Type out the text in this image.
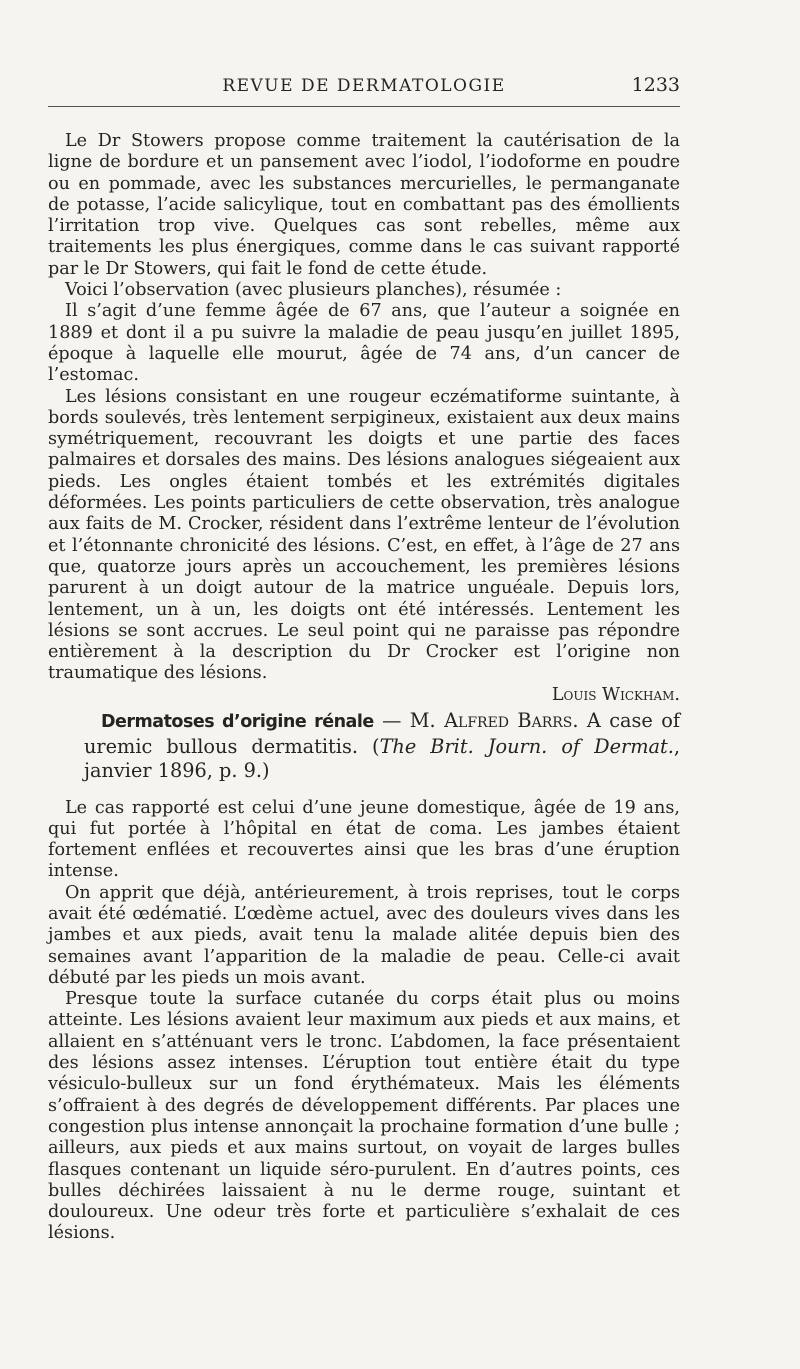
REVUE DE DERMATOLOGIE	1233

Le Dr Stowers propose comme traitement la cautérisation de la ligne de bordure et un pansement avec l’iodol, l’iodoforme en poudre ou en pommade, avec les substances mercurielles, le permanganate de potasse, l’acide salicylique, tout en combattant pas des émollients l’irritation trop vive. Quelques cas sont rebelles, même aux traitements les plus énergiques, comme dans le cas suivant rapporté par le Dr Stowers, qui fait le fond de cette étude.

Voici l’observation (avec plusieurs planches), résumée :

Il s’agit d’une femme âgée de 67 ans, que l’auteur a soignée en 1889 et dont il a pu suivre la maladie de peau jusqu’en juillet 1895, époque à laquelle elle mourut, âgée de 74 ans, d’un cancer de l’estomac.

Les lésions consistant en une rougeur eczématiforme suintante, à bords soulevés, très lentement serpigineux, existaient aux deux mains symétriquement, recouvrant les doigts et une partie des faces palmaires et dorsales des mains. Des lésions analogues siégeaient aux pieds. Les ongles étaient tombés et les extrémités digitales déformées. Les points particuliers de cette observation, très analogue aux faits de M. Crocker, résident dans l’extrême lenteur de l’évolution et l’étonnante chronicité des lésions. C’est, en effet, à l’âge de 27 ans que, quatorze jours après un accouchement, les premières lésions parurent à un doigt autour de la matrice unguéale. Depuis lors, lentement, un à un, les doigts ont été intéressés. Lentement les lésions se sont accrues. Le seul point qui ne paraisse pas répondre entièrement à la description du Dr Crocker est l’origine non traumatique des lésions.

Louis Wickham.

Dermatoses d’origine rénale — M. Alfred Barrs. A case of uremic bullous dermatitis. (The Brit. Journ. of Dermat., janvier 1896, p. 9.)

Le cas rapporté est celui d’une jeune domestique, âgée de 19 ans, qui fut portée à l’hôpital en état de coma. Les jambes étaient fortement enflées et recouvertes ainsi que les bras d’une éruption intense.

On apprit que déjà, antérieurement, à trois reprises, tout le corps avait été œdématié. L’œdème actuel, avec des douleurs vives dans les jambes et aux pieds, avait tenu la malade alitée depuis bien des semaines avant l’apparition de la maladie de peau. Celle-ci avait débuté par les pieds un mois avant.

Presque toute la surface cutanée du corps était plus ou moins atteinte. Les lésions avaient leur maximum aux pieds et aux mains, et allaient en s’atténuant vers le tronc. L’abdomen, la face présentaient des lésions assez intenses. L’éruption tout entière était du type vésiculo-bulleux sur un fond érythémateux. Mais les éléments s’offraient à des degrés de développement différents. Par places une congestion plus intense annonçait la prochaine formation d’une bulle ; ailleurs, aux pieds et aux mains surtout, on voyait de larges bulles flasques contenant un liquide séro-purulent. En d’autres points, ces bulles déchirées laissaient à nu le derme rouge, suintant et douloureux. Une odeur très forte et particulière s’exhalait de ces lésions.
